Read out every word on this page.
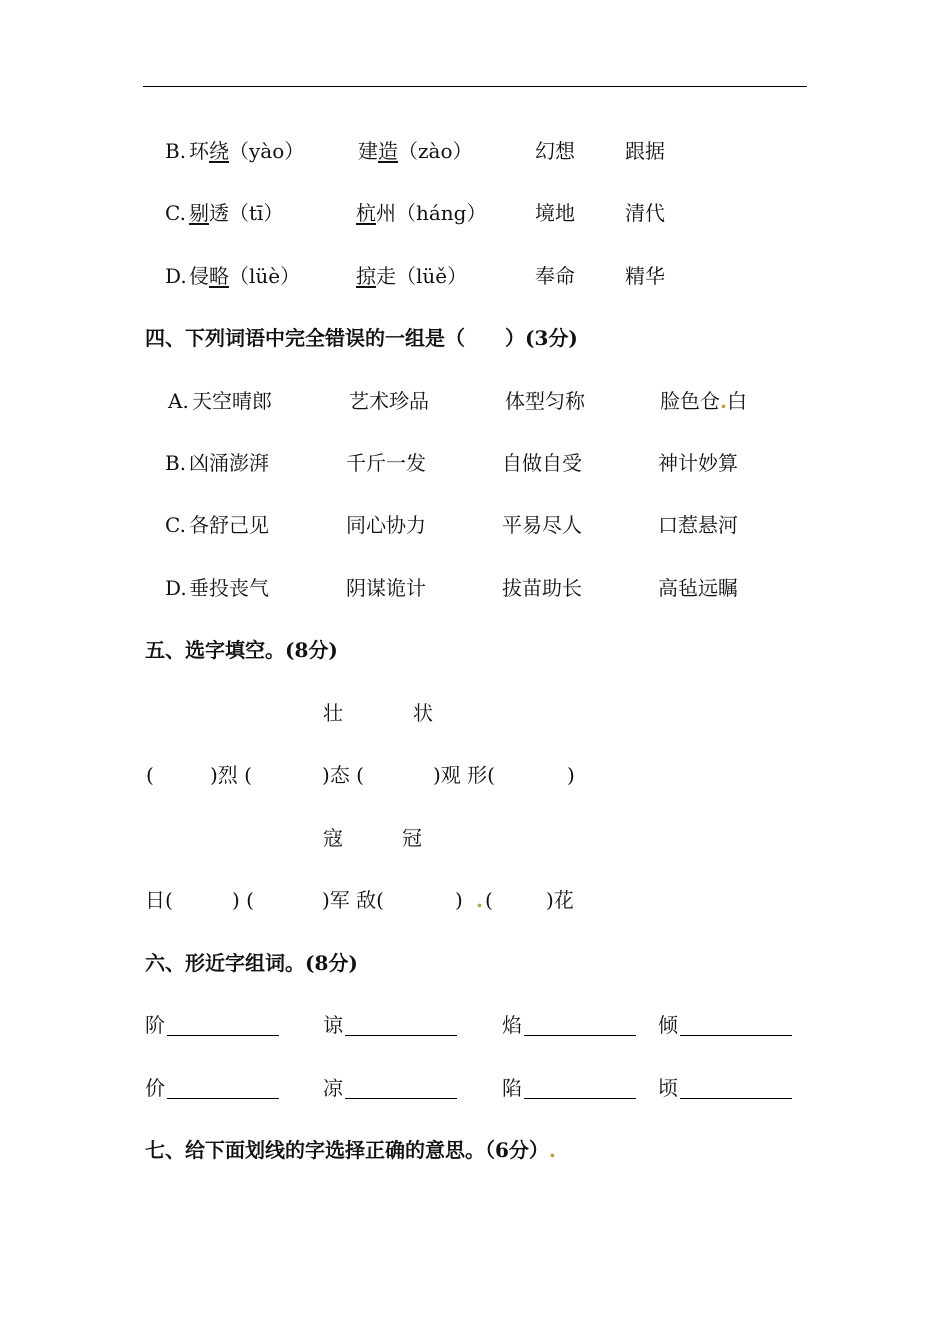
B. 环绕（yào）	建造（zào）	幻想	跟据
C. 剔透（tī）	杭州（háng） 境地	清代
D. 侵略（lüè）	掠走（lüě）	奉命	精华
四、下列词语中完全错误的一组是（　　）(3分)
A. 天空晴郎	艺术珍品	体型匀称	脸色仓.白
B. 凶涌澎湃	千斤一发	自做自受	神计妙算
C. 各舒己见	同心协力	平易尽人	口惹悬河
D. 垂投丧气	阴谋诡计	拔苗助长	高毡远瞩
五、选字填空。(8分)
壮	状
(	)烈 (	)态 (	)观 形(	)
寇	冠
日(	) (	)军 敌(	) . (	)花
六、形近字组词。(8分)
阶	谅	焰	倾
价	凉	陷	顷
七、给下面划线的字选择正确的意思。（6分）.
